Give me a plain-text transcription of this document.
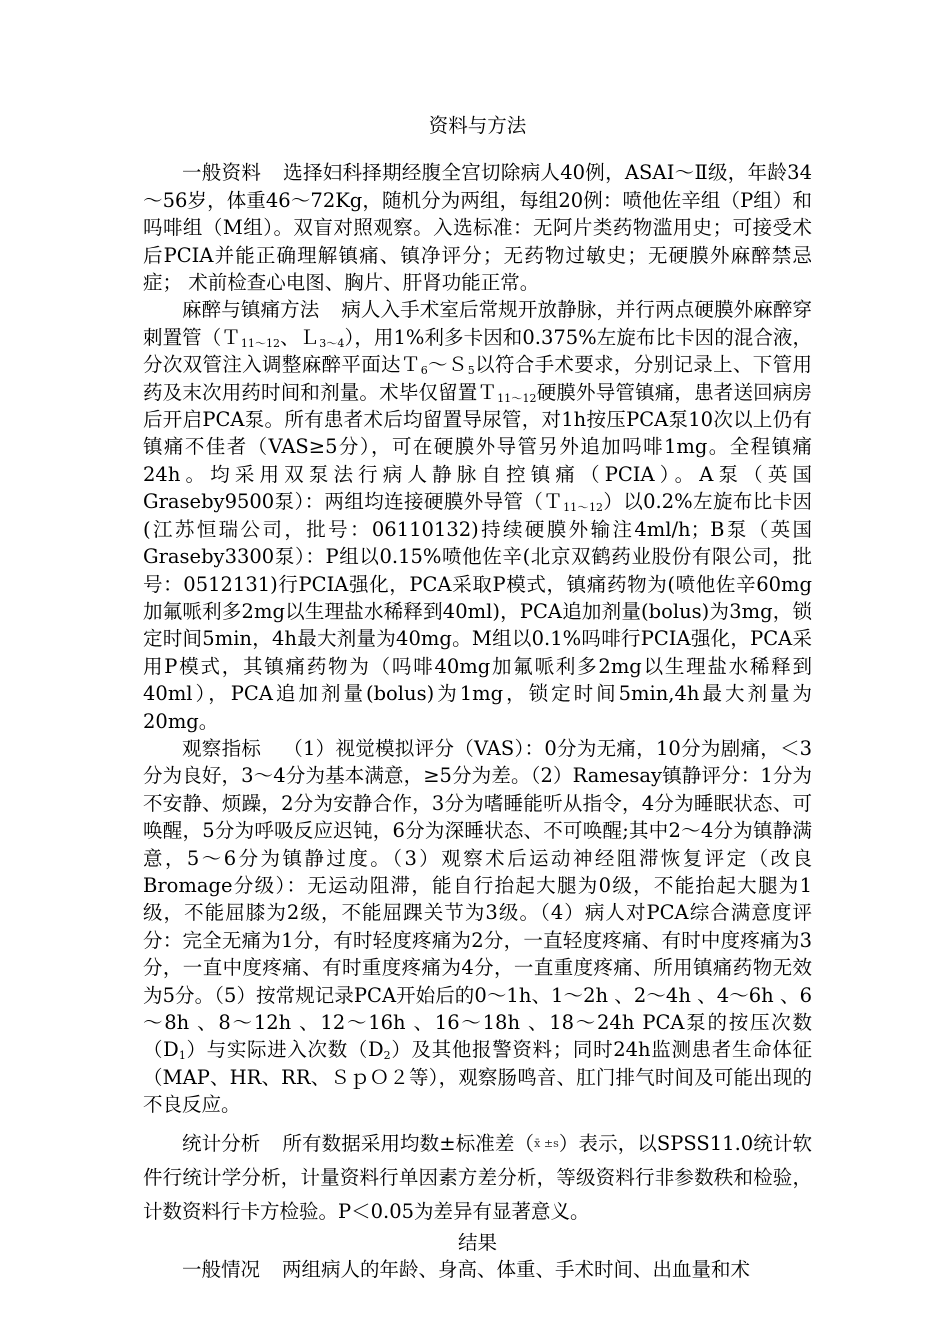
资料与方法

一般资料 选择妇科择期经腹全宫切除病人40例，ASAⅠ～Ⅱ级，年龄34～56岁，体重46～72Kg，随机分为两组，每组20例：喷他佐辛组（P组）和吗啡组（M组）。双盲对照观察。入选标准：无阿片类药物滥用史；可接受术后PCIA并能正确理解镇痛、镇净评分；无药物过敏史；无硬膜外麻醉禁忌症； 术前检查心电图、胸片、肝肾功能正常。

麻醉与镇痛方法 病人入手术室后常规开放静脉，并行两点硬膜外麻醉穿刺置管（Ｔ$_{11\sim 12}$、Ｌ$_{3\sim 4}$），用1%利多卡因和0.375%左旋布比卡因的混合液，分次双管注入调整麻醉平面达Ｔ$_6$～Ｓ$_5$以符合手术要求，分别记录上、下管用药及末次用药时间和剂量。术毕仅留置Ｔ$_{11\sim 12}$硬膜外导管镇痛，患者送回病房后开启PCA泵。所有患者术后均留置导尿管，对1h按压PCA泵10次以上仍有镇痛不佳者（VAS≥5分），可在硬膜外导管另外追加吗啡1mg。全程镇痛24h。均采用双泵法行病人静脉自控镇痛（PCIA）。A泵（英国Graseby9500泵）：两组均连接硬膜外导管（Ｔ$_{11\sim 12}$）以0.2%左旋布比卡因(江苏恒瑞公司，批号：06110132)持续硬膜外输注4ml/h；B泵（英国Graseby3300泵）：P组以0.15%喷他佐辛(北京双鹤药业股份有限公司，批号：0512131)行PCIA强化，PCA采取P模式，镇痛药物为(喷他佐辛60mg加氟哌利多2mg以生理盐水稀释到40ml)，PCA追加剂量(bolus)为3mg，锁定时间5min，4h最大剂量为40mg。M组以0.1%吗啡行PCIA强化，PCA采用P模式，其镇痛药物为（吗啡40mg加氟哌利多2mg以生理盐水稀释到40ml），PCA追加剂量(bolus)为1mg，锁定时间5min,4h最大剂量为20mg。

观察指标 （1）视觉模拟评分（VAS）：0分为无痛，10分为剧痛，＜3分为良好，3～4分为基本满意，≥5分为差。（2）Ramesay镇静评分：1分为不安静、烦躁，2分为安静合作，3分为嗜睡能听从指令，4分为睡眠状态、可唤醒，5分为呼吸反应迟钝，6分为深睡状态、不可唤醒;其中2～4分为镇静满意，5～6分为镇静过度。（3）观察术后运动神经阻滞恢复评定（改良Bromage分级）：无运动阻滞，能自行抬起大腿为0级，不能抬起大腿为1级，不能屈膝为2级，不能屈踝关节为3级。（4）病人对PCA综合满意度评分：完全无痛为1分，有时轻度疼痛为2分，一直轻度疼痛、有时中度疼痛为3分，一直中度疼痛、有时重度疼痛为4分，一直重度疼痛、所用镇痛药物无效为5分。（5）按常规记录PCA开始后的0～1h、1～2h 、2～4h 、4～6h 、6～8h 、8～12h 、12～16h 、16～18h 、18～24h PCA泵的按压次数$(D_1)$与实际进入次数$(D_2)$及其他报警资料；同时24h监测患者生命体征（MAP、HR、RR、ＳｐＯ２等），观察肠鸣音、肛门排气时间及可能出现的不良反应。

统计分析 所有数据采用均数±标准差（x̄ ±s）表示，以SPSS11.0统计软件行统计学分析，计量资料行单因素方差分析，等级资料行非参数秩和检验，计数资料行卡方检验。P＜0.05为差异有显著意义。

结果

一般情况 两组病人的年龄、身高、体重、手术时间、出血量和术
